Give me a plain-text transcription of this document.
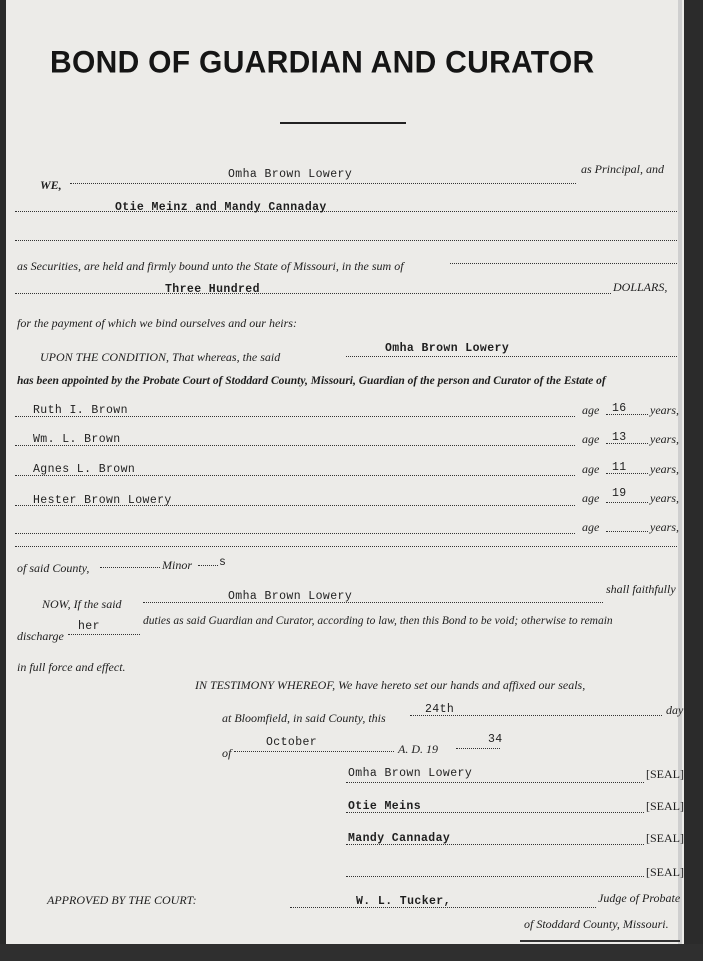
BOND OF GUARDIAN AND CURATOR
WE,
Omha Brown Lowery	as Principal, and
Otie Meinz and Mandy Cannaday
as Securities, are held and firmly bound unto the State of Missouri, in the sum of
Three Hundred	DOLLARS,
for the payment of which we bind ourselves and our heirs:
UPON THE CONDITION, That whereas, the said
Omha Brown Lowery
has been appointed by the Probate Court of Stoddard County, Missouri, Guardian of the person and Curator of the Estate of
Ruth I. Brown	age 16 years,
Wm. L. Brown	age 13 years,
Agnes L. Brown	age 11 years,
Hester Brown Lowery	age 19 years,
age	years,
of said County,	Minor s
NOW, If the said
Omha Brown Lowery
shall faithfully
discharge
her	duties as said Guardian and Curator, according to law, then this Bond to be void; otherwise to remain
in full force and effect.
IN TESTIMONY WHEREOF, We have hereto set our hands and affixed our seals,
at Bloomfield, in said County, this
24th	day
of
October	A. D. 19
34
Omha Brown Lowery	[SEAL]
Otie Meins	[SEAL]
Mandy Cannaday	[SEAL]
[SEAL]
APPROVED BY THE COURT:	W. L. Tucker,	Judge of Probate
of Stoddard County, Missouri.
